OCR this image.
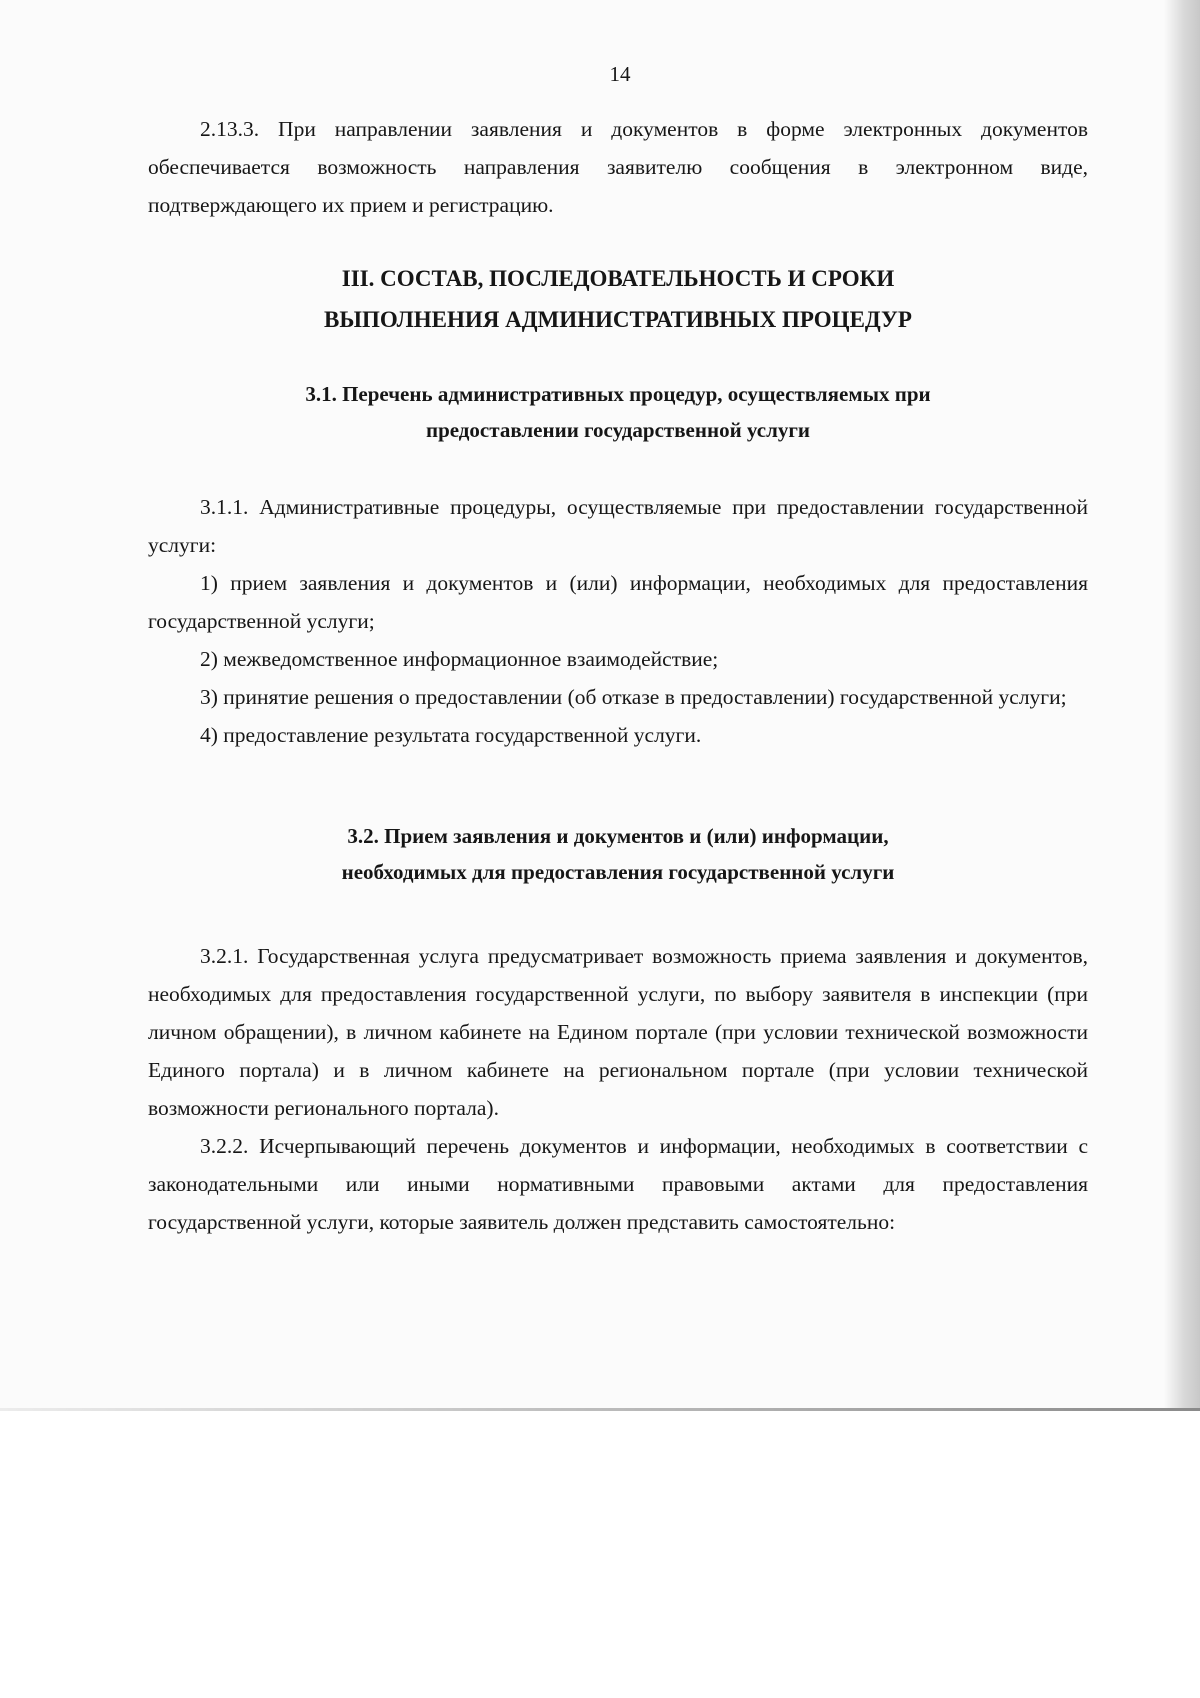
14

2.13.3. При направлении заявления и документов в форме электронных документов обеспечивается возможность направления заявителю сообщения в электронном виде, подтверждающего их прием и регистрацию.

III. СОСТАВ, ПОСЛЕДОВАТЕЛЬНОСТЬ И СРОКИ
ВЫПОЛНЕНИЯ АДМИНИСТРАТИВНЫХ ПРОЦЕДУР
3.1. Перечень административных процедур, осуществляемых при
предоставлении государственной услуги

3.1.1. Административные процедуры, осуществляемые при предоставлении государственной услуги:

1) прием заявления и документов и (или) информации, необходимых для предоставления государственной услуги;

2) межведомственное информационное взаимодействие;

3) принятие решения о предоставлении (об отказе в предоставлении) государственной услуги;

4) предоставление результата государственной услуги.

3.2. Прием заявления и документов и (или) информации,
необходимых для предоставления государственной услуги

3.2.1. Государственная услуга предусматривает возможность приема заявления и документов, необходимых для предоставления государственной услуги, по выбору заявителя в инспекции (при личном обращении), в личном кабинете на Едином портале (при условии технической возможности Единого портала) и в личном кабинете на региональном портале (при условии технической возможности регионального портала).

3.2.2. Исчерпывающий перечень документов и информации, необходимых в соответствии с законодательными или иными нормативными правовыми актами для предоставления государственной услуги, которые заявитель должен представить самостоятельно:
